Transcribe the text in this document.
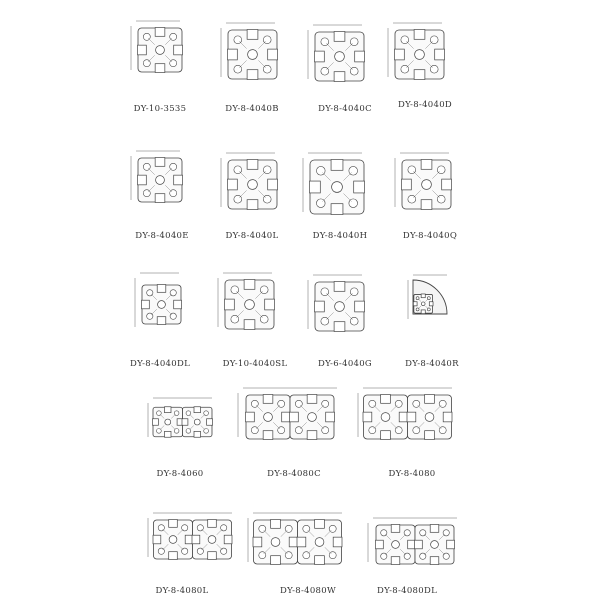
DY-10-3535	DY-8-4040B	DY-8-4040C	DY-8-4040D
DY-8-4040E	DY-8-4040L	DY-8-4040H	DY-8-4040Q
DY-8-4040DL	DY-10-4040SL	DY-6-4040G	DY-8-4040R
DY-8-4060	DY-8-4080C	DY-8-4080
DY-8-4080L	DY-8-4080W	DY-8-4080DL
